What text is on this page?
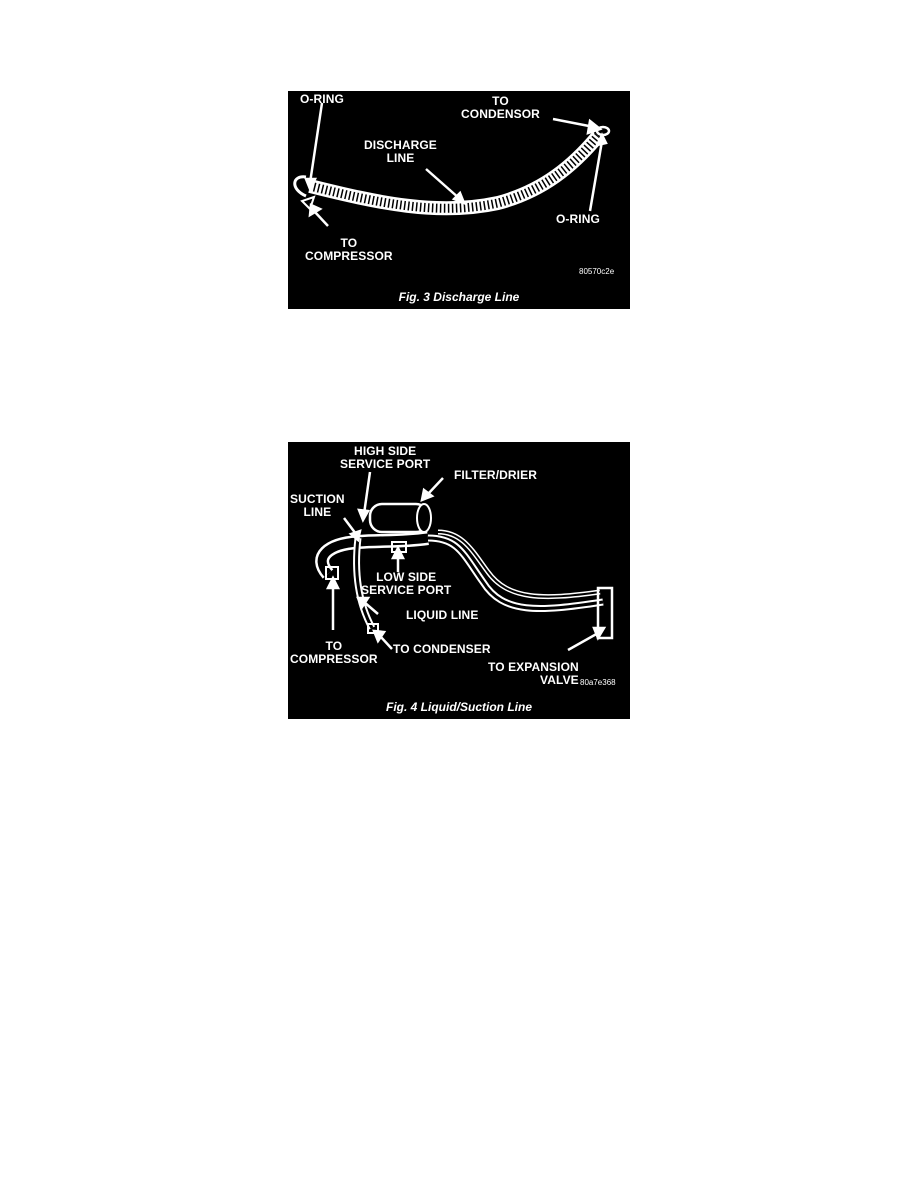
O-RING	TO
CONDENSOR
DISCHARGE
LINE
O-RING
TO
COMPRESSOR
80570c2e
Fig. 3 Discharge Line
HIGH SIDE
SERVICE PORT
FILTER/DRIER
SUCTION
LINE
LOW SIDE
SERVICE PORT
LIQUID LINE
TO
COMPRESSOR
TO CONDENSER
TO EXPANSION
VALVE 80a7e368
Fig. 4 Liquid/Suction Line
